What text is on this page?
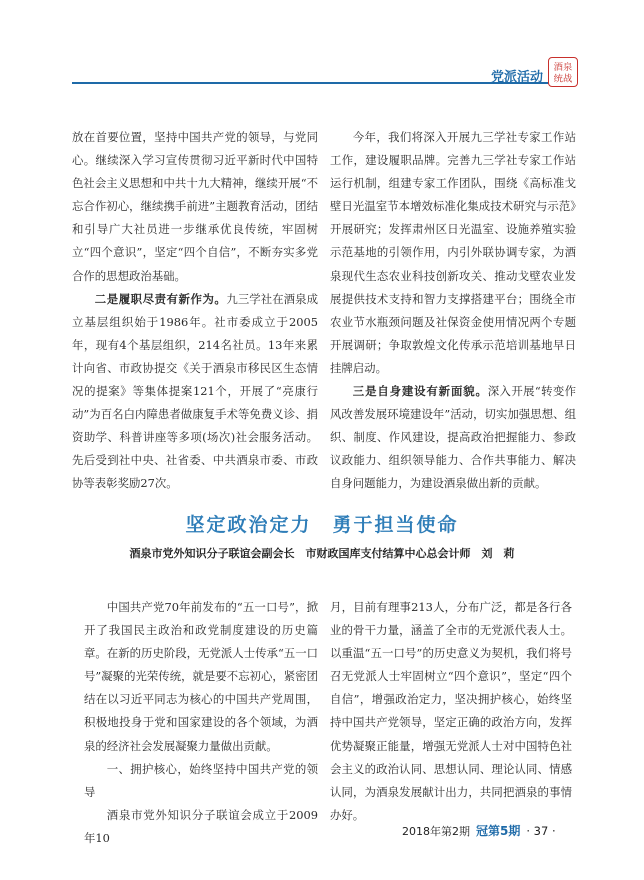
党派活动
酒泉
统战

放在首要位置，坚持中国共产党的领导，与党同心。继续深入学习宣传贯彻习近平新时代中国特色社会主义思想和中共十九大精神，继续开展“不忘合作初心，继续携手前进”主题教育活动，团结和引导广大社员进一步继承优良传统，牢固树立“四个意识”，坚定“四个自信”，不断夯实多党合作的思想政治基础。

二是履职尽责有新作为。九三学社在酒泉成立基层组织始于1986年。社市委成立于2005年，现有4个基层组织，214名社员。13年来累计向省、市政协提交《关于酒泉市移民区生态情况的提案》等集体提案121个，开展了“亮康行动”为百名白内障患者做康复手术等免费义诊、捐资助学、科普讲座等多项(场次)社会服务活动。先后受到社中央、社省委、中共酒泉市委、市政协等表彰奖励27次。

今年，我们将深入开展九三学社专家工作站工作，建设履职品牌。完善九三学社专家工作站运行机制，组建专家工作团队，围绕《高标准戈壁日光温室节本增效标准化集成技术研究与示范》开展研究；发挥肃州区日光温室、设施养殖实验示范基地的引领作用，内引外联协调专家，为酒泉现代生态农业科技创新攻关、推动戈壁农业发展提供技术支持和智力支撑搭建平台；围绕全市农业节水瓶颈问题及社保资金使用情况两个专题开展调研；争取敦煌文化传承示范培训基地早日挂牌启动。

三是自身建设有新面貌。深入开展“转变作风改善发展环境建设年”活动，切实加强思想、组织、制度、作风建设，提高政治把握能力、参政议政能力、组织领导能力、合作共事能力、解决自身问题能力，为建设酒泉做出新的贡献。

坚定政治定力　勇于担当使命
酒泉市党外知识分子联谊会副会长　市财政国库支付结算中心总会计师　刘　莉

中国共产党70年前发布的“五一口号”，掀开了我国民主政治和政党制度建设的历史篇章。在新的历史阶段，无党派人士传承“五一口号”凝聚的光荣传统，就是要不忘初心，紧密团结在以习近平同志为核心的中国共产党周围，积极地投身于党和国家建设的各个领域，为酒泉的经济社会发展凝聚力量做出贡献。

一、拥护核心，始终坚持中国共产党的领导

酒泉市党外知识分子联谊会成立于2009年10

月，目前有理事213人，分布广泛，都是各行各业的骨干力量，涵盖了全市的无党派代表人士。以重温“五一口号”的历史意义为契机，我们将号召无党派人士牢固树立“四个意识”，坚定“四个自信”，增强政治定力，坚决拥护核心，始终坚持中国共产党领导，坚定正确的政治方向，发挥优势凝聚正能量，增强无党派人士对中国特色社会主义的政治认同、思想认同、理论认同、情感认同，为酒泉发展献计出力，共同把酒泉的事情办好。

2018年第2期 冠第5期 · 37 ·
